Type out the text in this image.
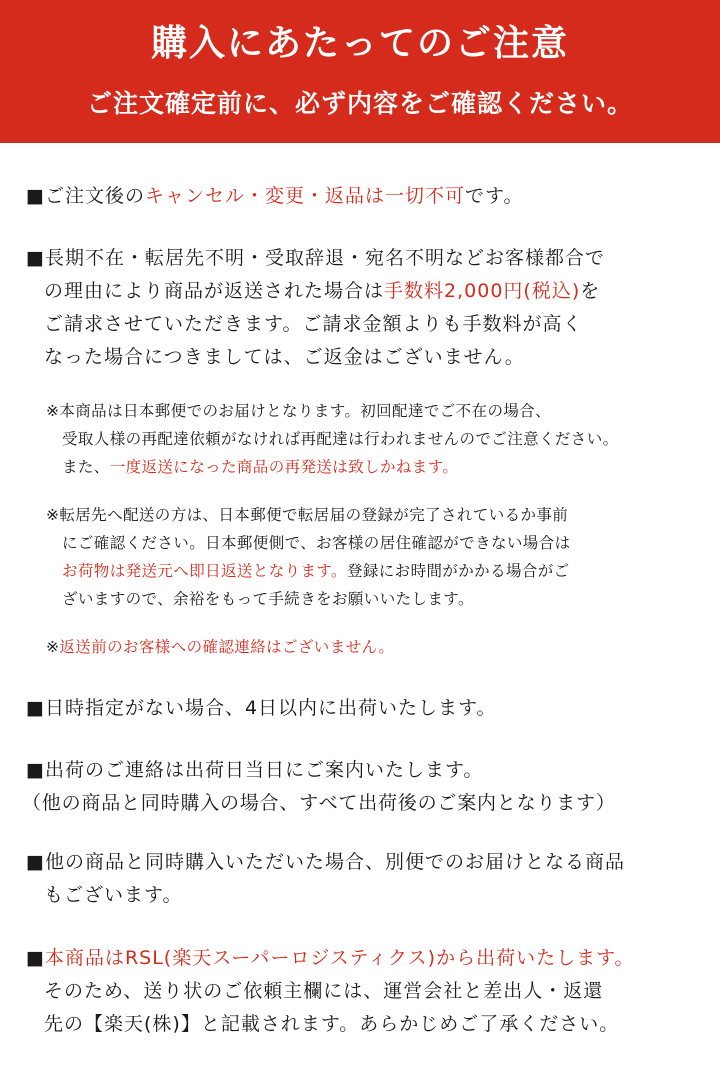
購入にあたってのご注意
ご注文確定前に、必ず内容をご確認ください。
■ご注文後のキャンセル・変更・返品は一切不可です。
■長期不在・転居先不明・受取辞退・宛名不明などお客様都合で
の理由により商品が返送された場合は手数料2,000円(税込)を
ご請求させていただきます。ご請求金額よりも手数料が高く
なった場合につきましては、ご返金はございません。
※本商品は日本郵便でのお届けとなります。初回配達でご不在の場合、
受取人様の再配達依頼がなければ再配達は行われませんのでご注意ください。
また、一度返送になった商品の再発送は致しかねます。
※転居先へ配送の方は、日本郵便で転居届の登録が完了されているか事前
にご確認ください。日本郵便側で、お客様の居住確認ができない場合は
お荷物は発送元へ即日返送となります。登録にお時間がかかる場合がご
ざいますので、余裕をもって手続きをお願いいたします。
※返送前のお客様への確認連絡はございません。
■日時指定がない場合、4日以内に出荷いたします。
■出荷のご連絡は出荷日当日にご案内いたします。
（他の商品と同時購入の場合、すべて出荷後のご案内となります）
■他の商品と同時購入いただいた場合、別便でのお届けとなる商品
もございます。
■本商品はRSL(楽天スーパーロジスティクス)から出荷いたします。
そのため、送り状のご依頼主欄には、運営会社と差出人・返還
先の【楽天(株)】と記載されます。あらかじめご了承ください。
